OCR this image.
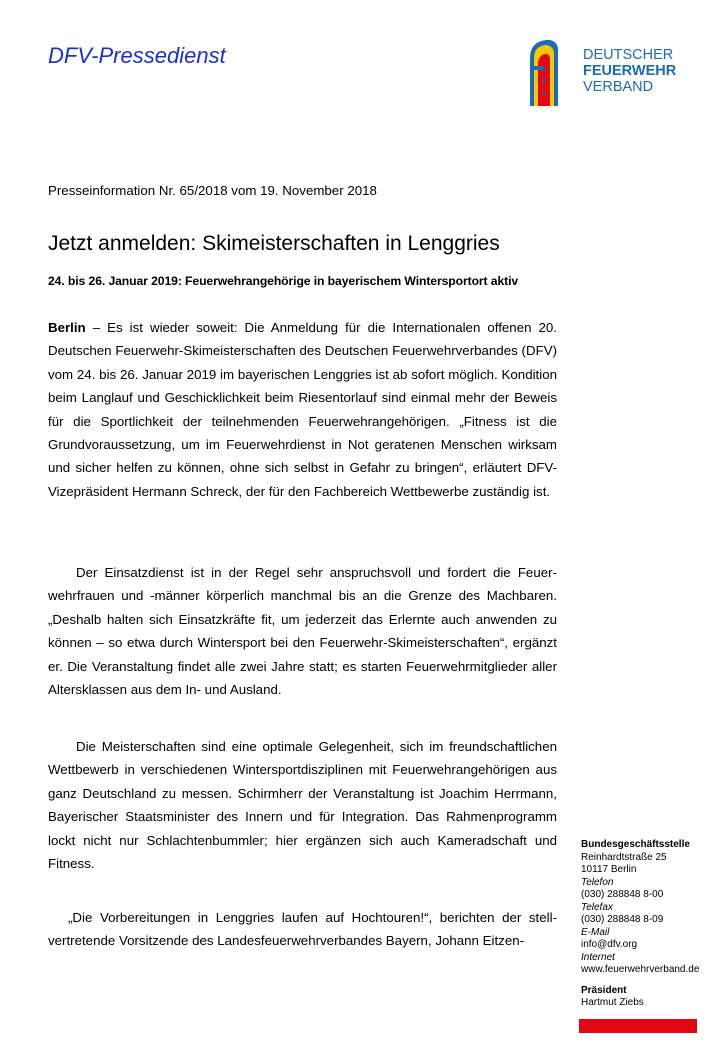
DFV-Pressedienst
D
F
V
DEUTSCHER
FEUERWEHR
VERBAND
Presseinformation Nr. 65/2018 vom 19. November 2018
Jetzt anmelden: Skimeisterschaften in Lenggries
24. bis 26. Januar 2019: Feuerwehrangehörige in bayerischem Wintersportort aktiv

Berlin – Es ist wieder soweit: Die Anmeldung für die Internationalen offenen 20. Deutschen Feuerwehr-Skimeisterschaften des Deutschen Feuerwehrverbandes (DFV) vom 24. bis 26. Januar 2019 im bayerischen Lenggries ist ab sofort möglich. Kondition beim Langlauf und Geschicklichkeit beim Riesentorlauf sind einmal mehr der Beweis für die Sportlichkeit der teilnehmenden Feuerwehrangehörigen. „Fitness ist die Grundvoraussetzung, um im Feuerwehrdienst in Not geratenen Menschen wirksam und sicher helfen zu können, ohne sich selbst in Gefahr zu bringen“, erläutert DFV-Vizepräsident Hermann Schreck, der für den Fachbereich Wettbewerbe zuständig ist.

Der Einsatzdienst ist in der Regel sehr anspruchsvoll und fordert die Feuerwehrfrauen und -männer körperlich manchmal bis an die Grenze des Machbaren. „Deshalb halten sich Einsatzkräfte fit, um jederzeit das Erlernte auch anwenden zu können – so etwa durch Wintersport bei den Feuerwehr-Skimeisterschaften“, ergänzt er. Die Veranstaltung findet alle zwei Jahre statt; es starten Feuerwehrmitglieder aller Altersklassen aus dem In- und Ausland.

Die Meisterschaften sind eine optimale Gelegenheit, sich im freundschaftlichen Wettbewerb in verschiedenen Wintersportdisziplinen mit Feuerwehrangehörigen aus ganz Deutschland zu messen. Schirmherr der Veranstaltung ist Joachim Herrmann, Bayerischer Staatsminister des Innern und für Integration. Das Rahmenprogramm lockt nicht nur Schlachtenbummler; hier ergänzen sich auch Kameradschaft und Fitness.

„Die Vorbereitungen in Lenggries laufen auf Hochtouren!“, berichten der stellvertretende Vorsitzende des Landesfeuerwehrverbandes Bayern, Johann Eitzen-

Bundesgeschäftsstelle
Reinhardtstraße 25
10117 Berlin
Telefon
(030) 288848 8-00
Telefax
(030) 288848 8-09
E-Mail
info@dfv.org
Internet
www.feuerwehrverband.de
Präsident
Hartmut Ziebs
